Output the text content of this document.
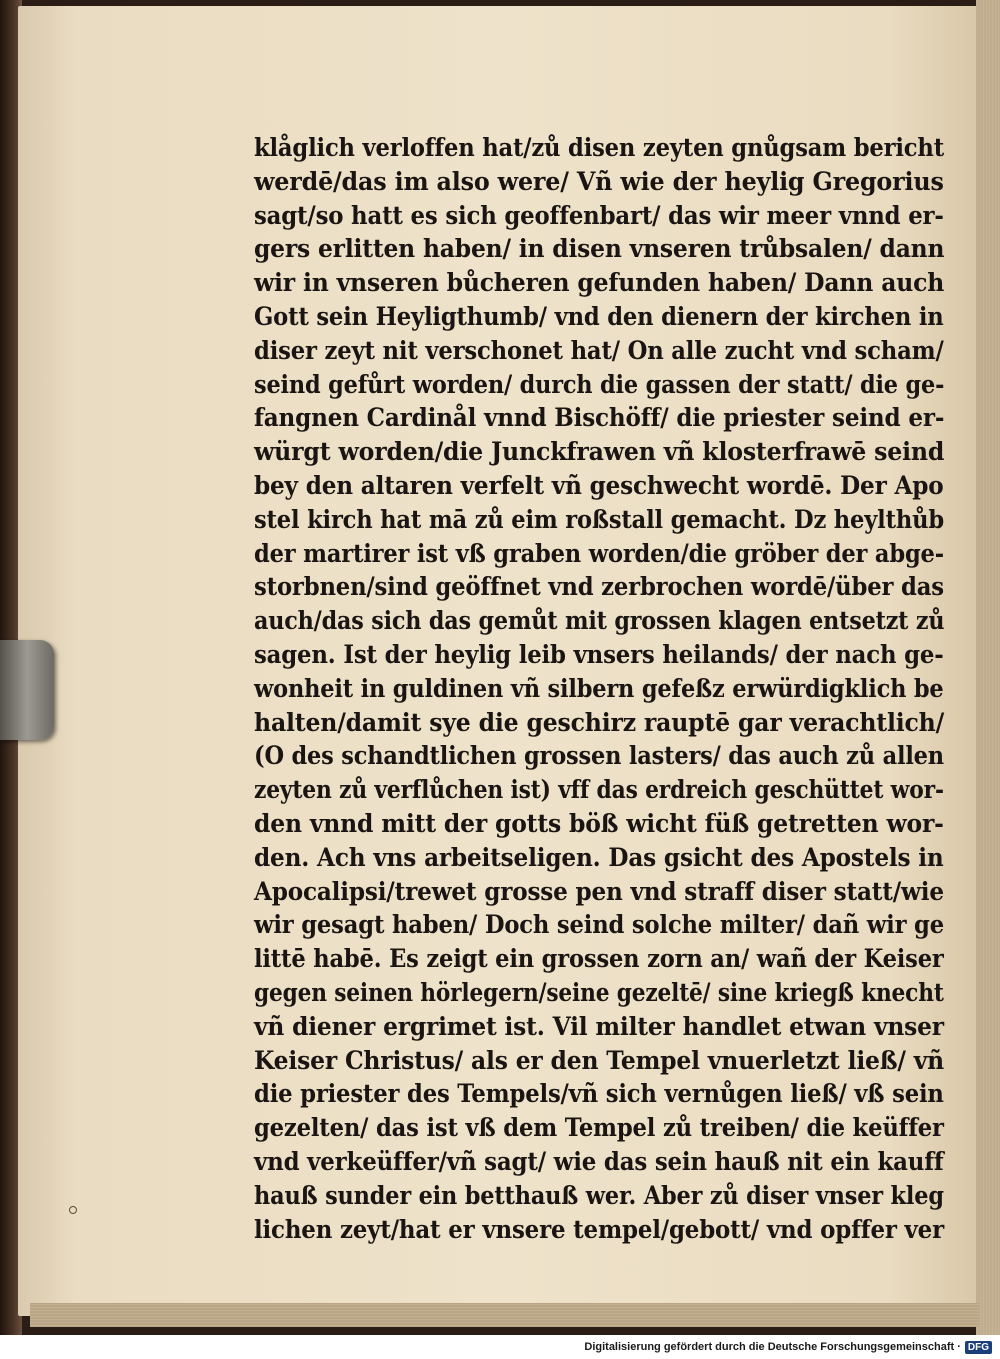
klåglich verloffen hat/zů disen zeyten gnůgsam bericht
werdē/das im also were/ Vñ wie der heylig Gregorius
sagt/so hatt es sich geoffenbart/ das wir meer vnnd er-
gers erlitten haben/ in disen vnseren trůbsalen/ dann
wir in vnseren bůcheren gefunden haben/ Dann auch
Gott sein Heyligthumb/ vnd den dienern der kirchen in
diser zeyt nit verschonet hat/ On alle zucht vnd scham/
seind gefůrt worden/ durch die gassen der statt/ die ge-
fangnen Cardinål vnnd Bischöff/ die priester seind er-
würgt worden/die Junckfrawen vñ klosterfrawē seind
bey den altaren verfelt vñ geschwecht wordē. Der Apo
stel kirch hat mā zů eim roßstall gemacht. Dz heylthůb
der martirer ist vß graben worden/die gröber der abge-
storbnen/sind geöffnet vnd zerbrochen wordē/über das
auch/das sich das gemůt mit grossen klagen entsetzt zů
sagen. Ist der heylig leib vnsers heilands/ der nach ge-
wonheit in guldinen vñ silbern gefeßz erwürdigklich be
halten/damit sye die geschirz rauptē gar verachtlich/
(O des schandtlichen grossen lasters/ das auch zů allen
zeyten zů verflůchen ist) vff das erdreich geschüttet wor-
den vnnd mitt der gotts böß wicht füß getretten wor-
den. Ach vns arbeitseligen. Das gsicht des Apostels in
Apocalipsi/trewet grosse pen vnd straff diser statt/wie
wir gesagt haben/ Doch seind solche milter/ dañ wir ge
littē habē. Es zeigt ein grossen zorn an/ wañ der Keiser
gegen seinen hörlegern/seine gezeltē/ sine kriegß knecht
vñ diener ergrimet ist. Vil milter handlet etwan vnser
Keiser Christus/ als er den Tempel vnuerletzt ließ/ vñ
die priester des Tempels/vñ sich vernůgen ließ/ vß sein
gezelten/ das ist vß dem Tempel zů treiben/ die keüffer
vnd verkeüffer/vñ sagt/ wie das sein hauß nit ein kauff
hauß sunder ein betthauß wer. Aber zů diser vnser kleg
lichen zeyt/hat er vnsere tempel/gebott/ vnd opffer ver
Digitalisierung gefördert durch die Deutsche Forschungsgemeinschaft · DFG
